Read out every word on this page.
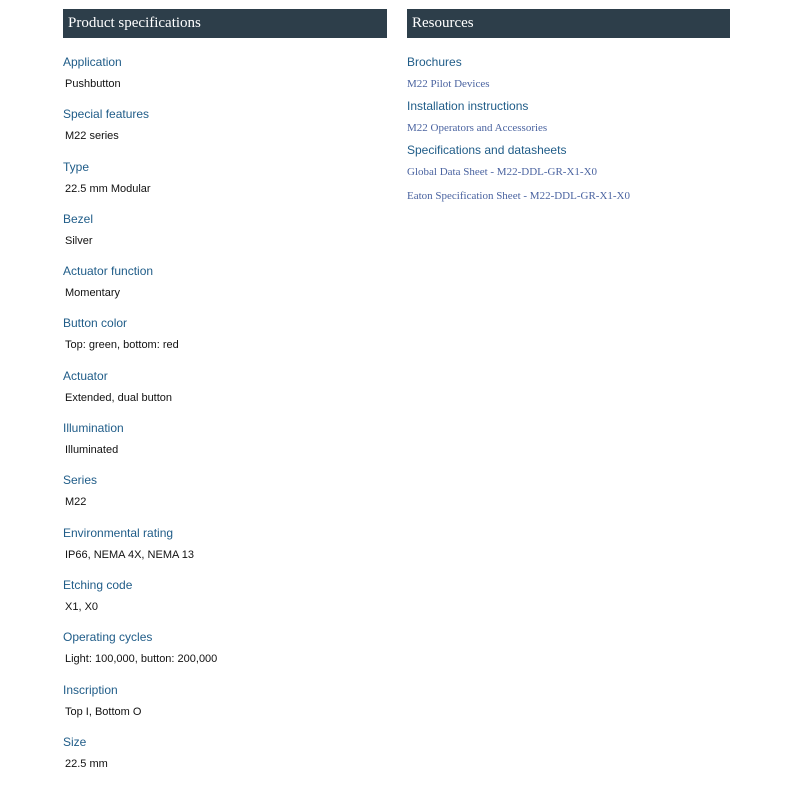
Product specifications
Application
Pushbutton
Special features
M22 series
Type
22.5 mm Modular
Bezel
Silver
Actuator function
Momentary
Button color
Top: green, bottom: red
Actuator
Extended, dual button
Illumination
Illuminated
Series
M22
Environmental rating
IP66, NEMA 4X, NEMA 13
Etching code
X1, X0
Operating cycles
Light: 100,000, button: 200,000
Inscription
Top I, Bottom O
Size
22.5 mm
Resources
Brochures
M22 Pilot Devices
Installation instructions
M22 Operators and Accessories
Specifications and datasheets
Global Data Sheet - M22-DDL-GR-X1-X0
Eaton Specification Sheet - M22-DDL-GR-X1-X0
